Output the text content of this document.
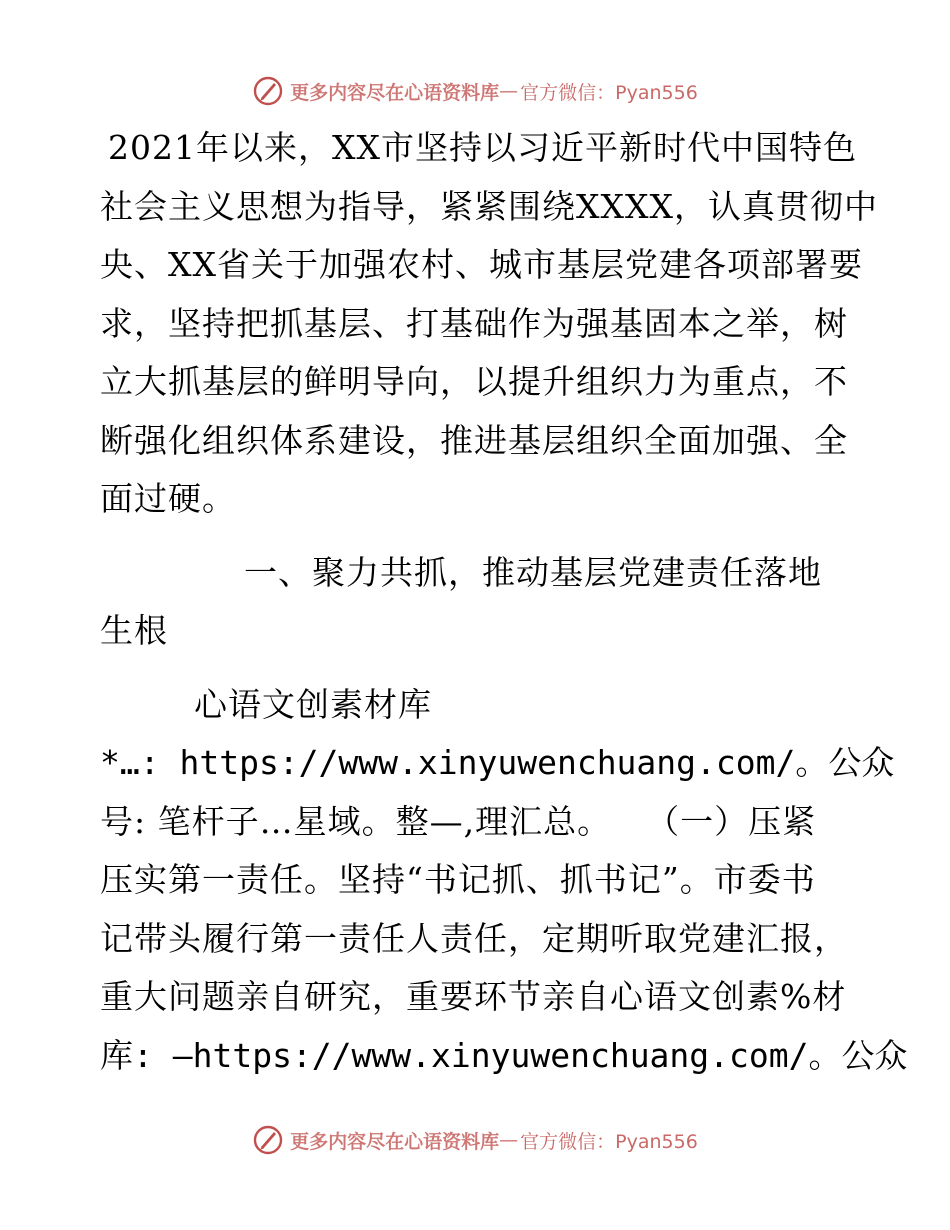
更多内容尽在心语资料库 — 官方微信：Pyan556
2021年以来，XX市坚持以习近平新时代中国特色
社会主义思想为指导，紧紧围绕XXXX，认真贯彻中
央、XX省关于加强农村、城市基层党建各项部署要
求，坚持把抓基层、打基础作为强基固本之举，树
立大抓基层的鲜明导向，以提升组织力为重点，不
断强化组织体系建设，推进基层组织全面加强、全
面过硬。
一、聚力共抓，推动基层党建责任落地
生根
心语文创素材库
*…: https://www.xinyuwenchuang.com/。公众
号: 笔杆子…星域。整—,理汇总。　　（一）压紧
压实第一责任。坚持“书记抓、抓书记”。市委书
记带头履行第一责任人责任，定期听取党建汇报，
重大问题亲自研究，重要环节亲自心语文创素%材
库: —https://www.xinyuwenchuang.com/。公众
更多内容尽在心语资料库 — 官方微信：Pyan556
